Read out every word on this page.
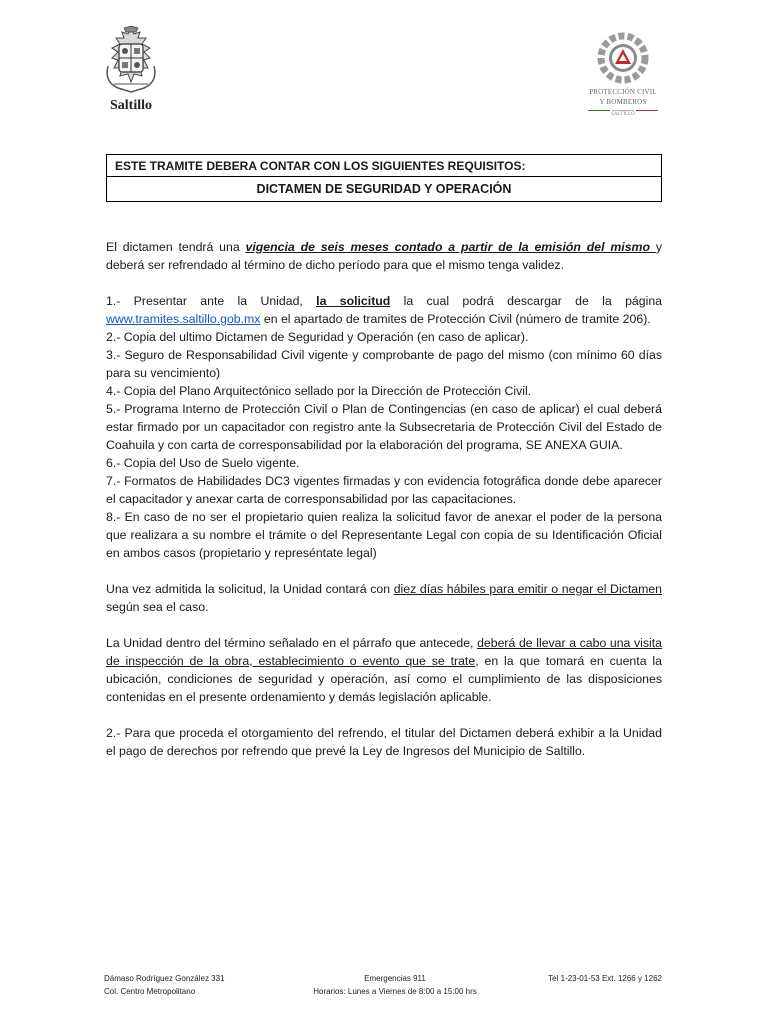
Saltillo
PROTECCIÓN CIVIL
Y BOMBEROS
SALTILLO
ESTE TRAMITE DEBERA CONTAR CON LOS SIGUIENTES REQUISITOS:
DICTAMEN DE SEGURIDAD Y OPERACIÓN

El dictamen tendrá una vigencia de seis meses contado a partir de la emisión del mismo y deberá ser refrendado al término de dicho período para que el mismo tenga validez.

1.- Presentar ante la Unidad, la solicitud la cual podrá descargar de la página www.tramites.saltillo.gob.mx en el apartado de tramites de Protección Civil (número de tramite 206).

2.- Copia del ultimo Dictamen de Seguridad y Operación (en caso de aplicar).

3.- Seguro de Responsabilidad Civil vigente y comprobante de pago del mismo (con mínimo 60 días para su vencimiento)

4.- Copia del Plano Arquitectónico sellado por la Dirección de Protección Civil.

5.- Programa Interno de Protección Civil o Plan de Contingencias (en caso de aplicar) el cual deberá estar firmado por un capacitador con registro ante la Subsecretaria de Protección Civil del Estado de Coahuila y con carta de corresponsabilidad por la elaboración del programa, SE ANEXA GUIA.

6.- Copia del Uso de Suelo vigente.

7.- Formatos de Habilidades DC3 vigentes firmadas y con evidencia fotográfica donde debe aparecer el capacitador y anexar carta de corresponsabilidad por las capacitaciones.

8.- En caso de no ser el propietario quien realiza la solicitud favor de anexar el poder de la persona que realizara a su nombre el trámite o del Representante Legal con copia de su Identificación Oficial en ambos casos (propietario y represéntate legal)

Una vez admitida la solicitud, la Unidad contará con diez días hábiles para emitir o negar el Dictamen según sea el caso.

La Unidad dentro del término señalado en el párrafo que antecede, deberá de llevar a cabo una visita de inspección de la obra, establecimiento o evento que se trate, en la que tomará en cuenta la ubicación, condiciones de seguridad y operación, así como el cumplimiento de las disposiciones contenidas en el presente ordenamiento y demás legislación aplicable.

2.- Para que proceda el otorgamiento del refrendo, el titular del Dictamen deberá exhibir a la Unidad el pago de derechos por refrendo que prevé la Ley de Ingresos del Municipio de Saltillo.

Dámaso Rodríguez González 331
Col. Centro Metropolitano
Emergencias 911
Horarios: Lunes a Viernes de 8:00 a 15:00 hrs
Tel 1-23-01-53 Ext. 1266 y 1262
